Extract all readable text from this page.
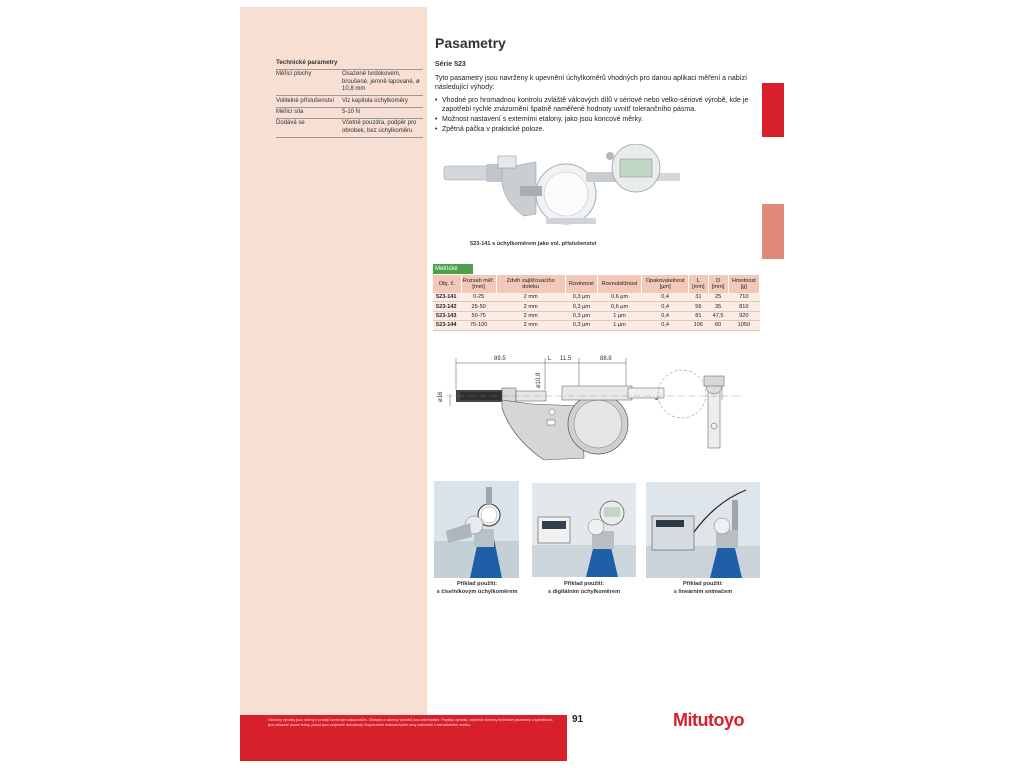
Všechny výrobky jsou určeny k prodeji konečným zákazníkům. Obrázky a nákresy výrobků jsou informativní. Popisky výrobků, zejména všechny technické parametry a specifikace, jsou závazné pouze tehdy, pokud jsou vzájemně dohodnuty. Doporučené maloobchodní ceny naleznete v samostatném ceníku.
Technické parametry
Měřicí plochy	Osazené tvrdokovem, broušené, jemně lapované, ø 10,8 mm
Volitelné příslušenství	Viz kapitola úchylkoměry
Měřicí síla	5-10 N
Dodává se	Včetně pouzdra, podpěr pro obrobek, bez úchylkoměru
Pasametry
Série 523
Tyto pasametry jsou navrženy k upevnění úchylkoměrů vhodných pro danou aplikaci měření a nabízí následující výhody:
• Vhodné pro hromadnou kontrolu zvláště válcových dílů v sériové nebo velko-sériové výrobě, kde je zapotřebí rychlé znázornění špatně naměřené hodnoty uvnitř tolerančního pásma.
• Možnost nastavení s externími etalony, jako jsou koncové měrky.
• Zpětná páčka v praktické poloze.
523-141 s úchylkoměrem jako vol. příslušenství
Metrické
Obj. č.	Rozsah měř. [mm]	Zdvih zajišťovacího doteku	Rovinnost	Rovnoběžnost	Opakovatelnost [µm]	L [mm]	D [mm]	Hmotnost [g]
523-141	0-25	2 mm	0,3 µm	0,6 µm	0,4	31	25	710
523-142	25-50	2 mm	0,3 µm	0,6 µm	0,4	56	35	810
523-143	50-75	2 mm	0,3 µm	1 µm	0,4	81	47,5	920
523-144	75-100	2 mm	0,3 µm	1 µm	0,4	106	60	1050
89.5	L 11.5	88.8
ø16
ø10.8
Příklad použití:
s číselníkovým úchylkoměrem
Příklad použití:
s digitálním úchylkoměrem
Příklad použití:
s lineárním snímačem
91	Mitutoyo
